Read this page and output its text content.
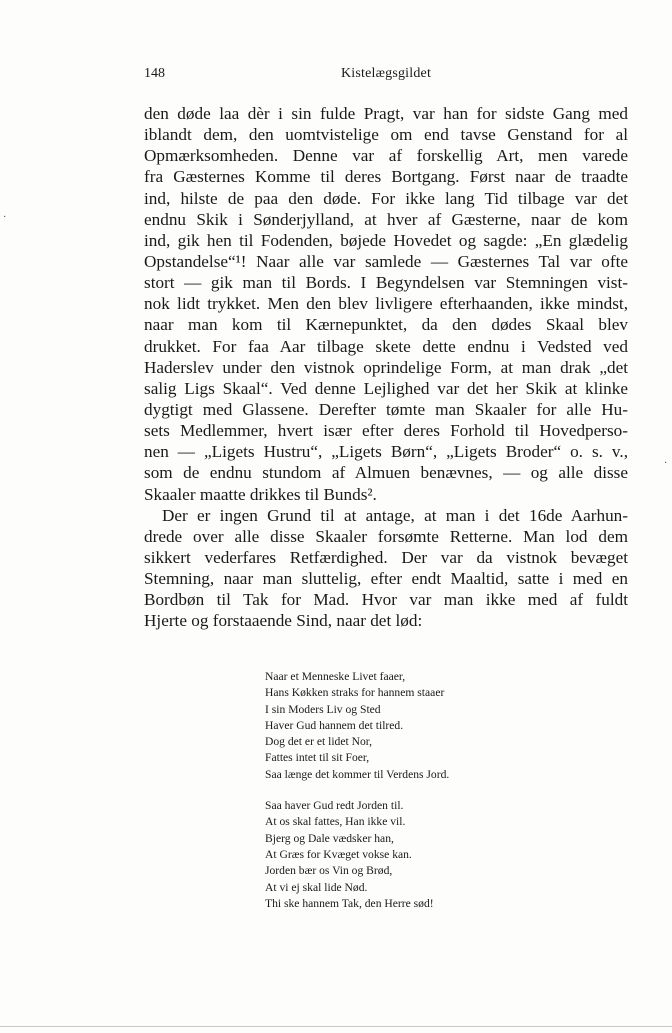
148	Kistelægsgildet
den døde laa dèr i sin fulde Pragt, var han for sidste Gang med
iblandt dem, den uomtvistelige om end tavse Genstand for al
Opmærksomheden. Denne var af forskellig Art, men varede
fra Gæsternes Komme til deres Bortgang. Først naar de traadte
ind, hilste de paa den døde. For ikke lang Tid tilbage var det
endnu Skik i Sønderjylland, at hver af Gæsterne, naar de kom
ind, gik hen til Fodenden, bøjede Hovedet og sagde: „En glædelig
Opstandelse“¹! Naar alle var samlede — Gæsternes Tal var ofte
stort — gik man til Bords. I Begyndelsen var Stemningen vist-
nok lidt trykket. Men den blev livligere efterhaanden, ikke mindst,
naar man kom til Kærnepunktet, da den dødes Skaal blev
drukket. For faa Aar tilbage skete dette endnu i Vedsted ved
Haderslev under den vistnok oprindelige Form, at man drak „det
salig Ligs Skaal“. Ved denne Lejlighed var det her Skik at klinke
dygtigt med Glassene. Derefter tømte man Skaaler for alle Hu-
sets Medlemmer, hvert især efter deres Forhold til Hovedperso-
nen — „Ligets Hustru“, „Ligets Børn“, „Ligets Broder“ o. s. v.,
som de endnu stundom af Almuen benævnes, — og alle disse
Skaaler maatte drikkes til Bunds².
Der er ingen Grund til at antage, at man i det 16de Aarhun-
drede over alle disse Skaaler forsømte Retterne. Man lod dem
sikkert vederfares Retfærdighed. Der var da vistnok bevæget
Stemning, naar man sluttelig, efter endt Maaltid, satte i med en
Bordbøn til Tak for Mad. Hvor var man ikke med af fuldt
Hjerte og forstaaende Sind, naar det lød:
Naar et Menneske Livet faaer,
Hans Køkken straks for hannem staaer
I sin Moders Liv og Sted
Haver Gud hannem det tilred.
Dog det er et lidet Nor,
Fattes intet til sit Foer,
Saa længe det kommer til Verdens Jord.
Saa haver Gud redt Jorden til.
At os skal fattes, Han ikke vil.
Bjerg og Dale vædsker han,
At Græs for Kvæget vokse kan.
Jorden bær os Vin og Brød,
At vi ej skal lide Nød.
Thi ske hannem Tak, den Herre sød!
·
·
